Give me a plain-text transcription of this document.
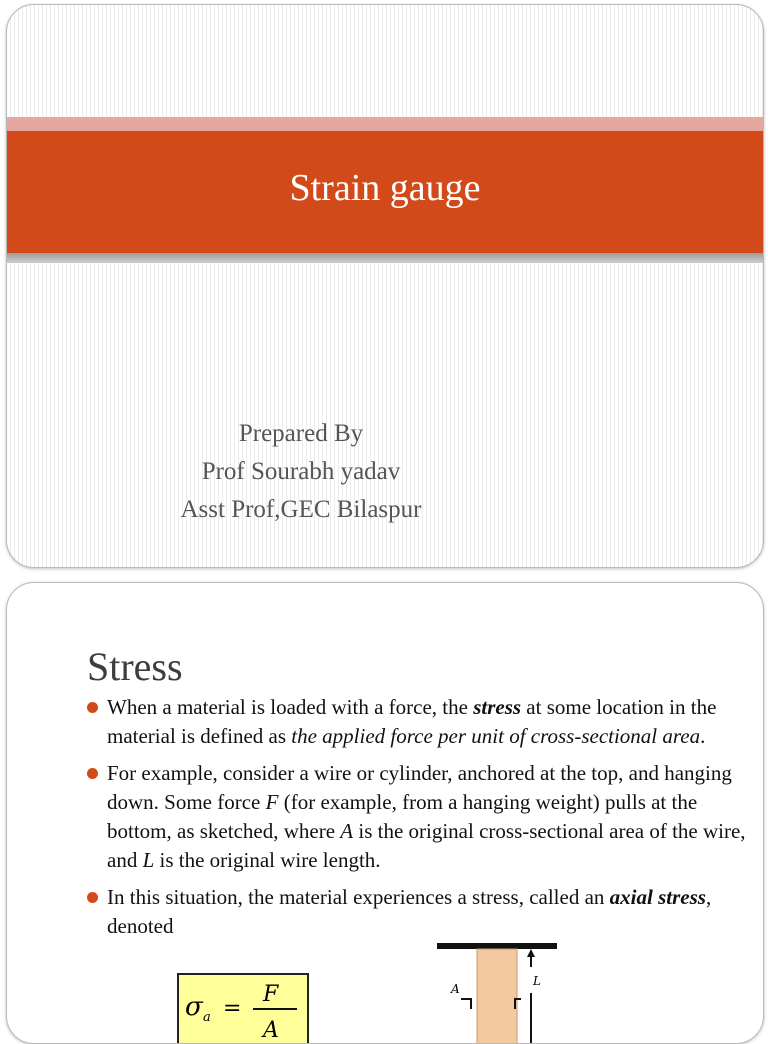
Strain gauge
Prepared By
Prof Sourabh yadav
Asst Prof,GEC Bilaspur
Stress
When a material is loaded with a force, the stress at some location in the material is defined as the applied force per unit of cross-sectional area.
For example, consider a wire or cylinder, anchored at the top, and hanging down. Some force F (for example, from a hanging weight) pulls at the bottom, as sketched, where A is the original cross-sectional area of the wire, and L is the original wire length.
In this situation, the material experiences a stress, called an axial stress, denoted
σ a =
F
A
L
A
